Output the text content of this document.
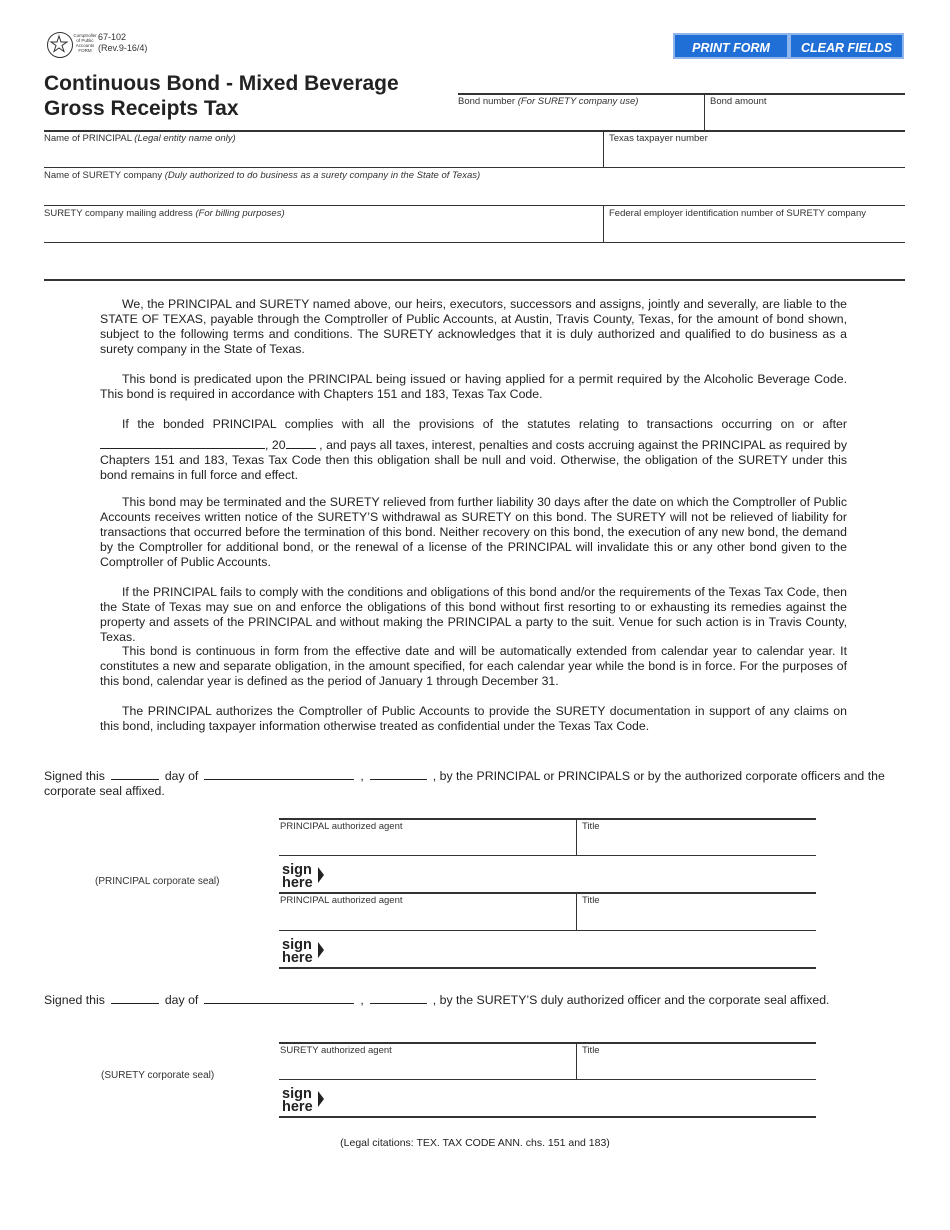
Comptroller of Public Accounts FORM
67-102
(Rev.9-16/4)	PRINT FORM	CLEAR FIELDS
Continuous Bond - Mixed Beverage
Gross Receipts Tax	Bond number (For SURETY company use)	Bond amount
Name of PRINCIPAL (Legal entity name only)	Texas taxpayer number
Name of SURETY company (Duly authorized to do business as a surety company in the State of Texas)
SURETY company mailing address (For billing purposes)	Federal employer identification number of SURETY company
We, the PRINCIPAL and SURETY named above, our heirs, executors, successors and assigns, jointly and severally, are liable to the STATE OF TEXAS, payable through the Comptroller of Public Accounts, at Austin, Travis County, Texas, for the amount of bond shown, subject to the following terms and conditions. The SURETY acknowledges that it is duly authorized and qualified to do business as a surety company in the State of Texas.
This bond is predicated upon the PRINCIPAL being issued or having applied for a permit required by the Alcoholic Beverage Code. This bond is required in accordance with Chapters 151 and 183, Texas Tax Code.
If the bonded PRINCIPAL complies with all the provisions of the statutes relating to transactions occurring on or after , 20	, and pays all taxes, interest, penalties and costs accruing against the PRINCIPAL as required by Chapters 151 and 183, Texas Tax Code then this obligation shall be null and void. Otherwise, the obligation of the SURETY under this bond remains in full force and effect.
This bond may be terminated and the SURETY relieved from further liability 30 days after the date on which the Comptroller of Public Accounts receives written notice of the SURETY’S withdrawal as SURETY on this bond. The SURETY will not be relieved of liability for transactions that occurred before the termination of this bond. Neither recovery on this bond, the execution of any new bond, the demand by the Comptroller for additional bond, or the renewal of a license of the PRINCIPAL will invalidate this or any other bond given to the Comptroller of Public Accounts.
If the PRINCIPAL fails to comply with the conditions and obligations of this bond and/or the requirements of the Texas Tax Code, then the State of Texas may sue on and enforce the obligations of this bond without first resorting to or exhausting its remedies against the property and assets of the PRINCIPAL and without making the PRINCIPAL a party to the suit. Venue for such action is in Travis County, Texas.
This bond is continuous in form from the effective date and will be automatically extended from calendar year to calendar year. It constitutes a new and separate obligation, in the amount specified, for each calendar year while the bond is in force. For the purposes of this bond, calendar year is defined as the period of January 1 through December 31.
The PRINCIPAL authorizes the Comptroller of Public Accounts to provide the SURETY documentation in support of any claims on this bond, including taxpayer information otherwise treated as confidential under the Texas Tax Code.
Signed this	day of	,	, by the PRINCIPAL or PRINCIPALS or by the authorized corporate officers and the corporate seal affixed.
(PRINCIPAL corporate seal)
PRINCIPAL authorized agent	Title
sign
here
PRINCIPAL authorized agent	Title
sign
here
Signed this	day of	,	, by the SURETY’S duly authorized officer and the corporate seal affixed.
(SURETY corporate seal)
SURETY authorized agent	Title
sign
here
(Legal citations: TEX. TAX CODE ANN. chs. 151 and 183)
